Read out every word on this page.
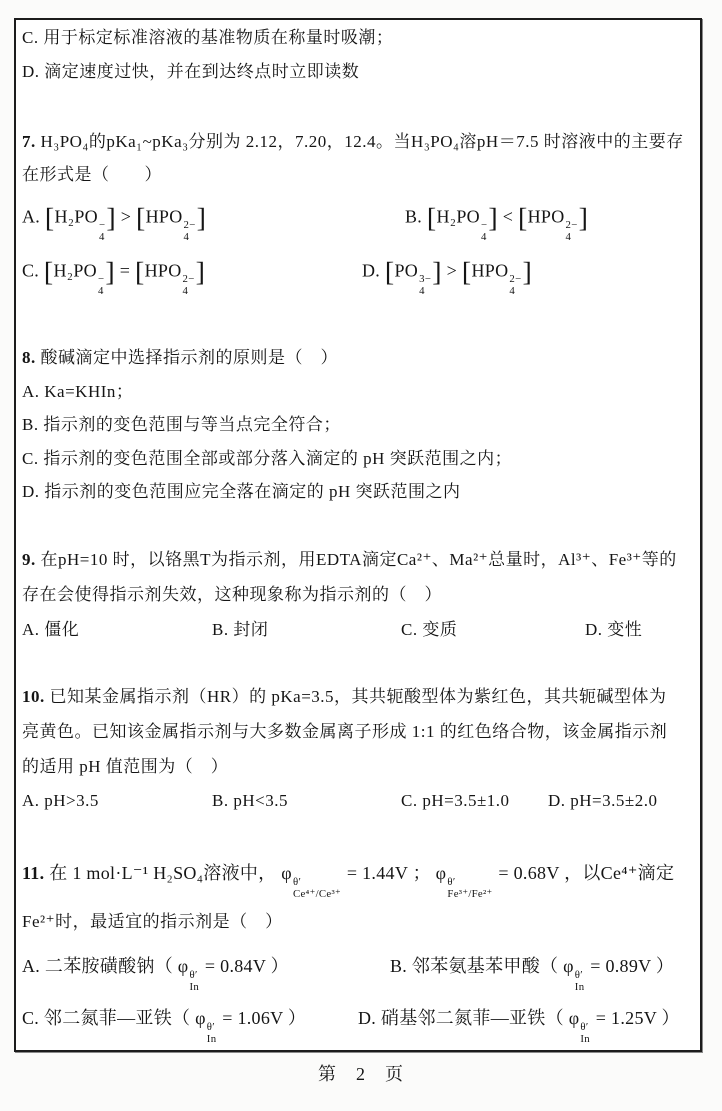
C. 用于标定标准溶液的基准物质在称量时吸潮；
D. 滴定速度过快，并在到达终点时立即读数
7. H₃PO₄的pKa₁~pKa₃分别为 2.12，7.20，12.4。当H₃PO₄溶pH＝7.5 时溶液中的主要存
在形式是（　　）
A. [H₂PO −
4
] > [HPO 2−
4
]	B. [H₂PO −
4
] < [HPO 2−
4
]
C. [H₂PO −
4
] = [HPO 2−
4
]	D. [PO 3−
4
] > [HPO 2−
4
]
8. 酸碱滴定中选择指示剂的原则是（　）
A. Ka=KHIn；
B. 指示剂的变色范围与等当点完全符合；
C. 指示剂的变色范围全部或部分落入滴定的 pH 突跃范围之内；
D. 指示剂的变色范围应完全落在滴定的 pH 突跃范围之内
9. 在pH=10 时，以铬黑T为指示剂，用EDTA滴定Ca²⁺、Ma²⁺总量时，Al³⁺、Fe³⁺等的
存在会使得指示剂失效，这种现象称为指示剂的（　）
A. 僵化	B. 封闭	C. 变质	D. 变性
10. 已知某金属指示剂（HR）的 pKa=3.5，其共轭酸型体为紫红色，其共轭碱型体为
亮黄色。已知该金属指示剂与大多数金属离子形成 1:1 的红色络合物，该金属指示剂
的适用 pH 值范围为（　）
A. pH>3.5	B. pH<3.5	C. pH=3.5±1.0 D. pH=3.5±2.0
11. 在 1 mol·L⁻¹ H₂SO₄溶液中， φ θ′
Ce⁴⁺/Ce³⁺
= 1.44V ； φ θ′
Fe³⁺/Fe²⁺
= 0.68V ，以Ce⁴⁺滴定
Fe²⁺时，最适宜的指示剂是（　）
A. 二苯胺磺酸钠（ φ θ′
In
= 0.84V ）	B. 邻苯氨基苯甲酸（ φ θ′
In
= 0.89V ）
C. 邻二氮菲—亚铁（ φ θ′
In
= 1.06V ）	D. 硝基邻二氮菲—亚铁（ φ θ′
In
= 1.25V ）
第　2　页
